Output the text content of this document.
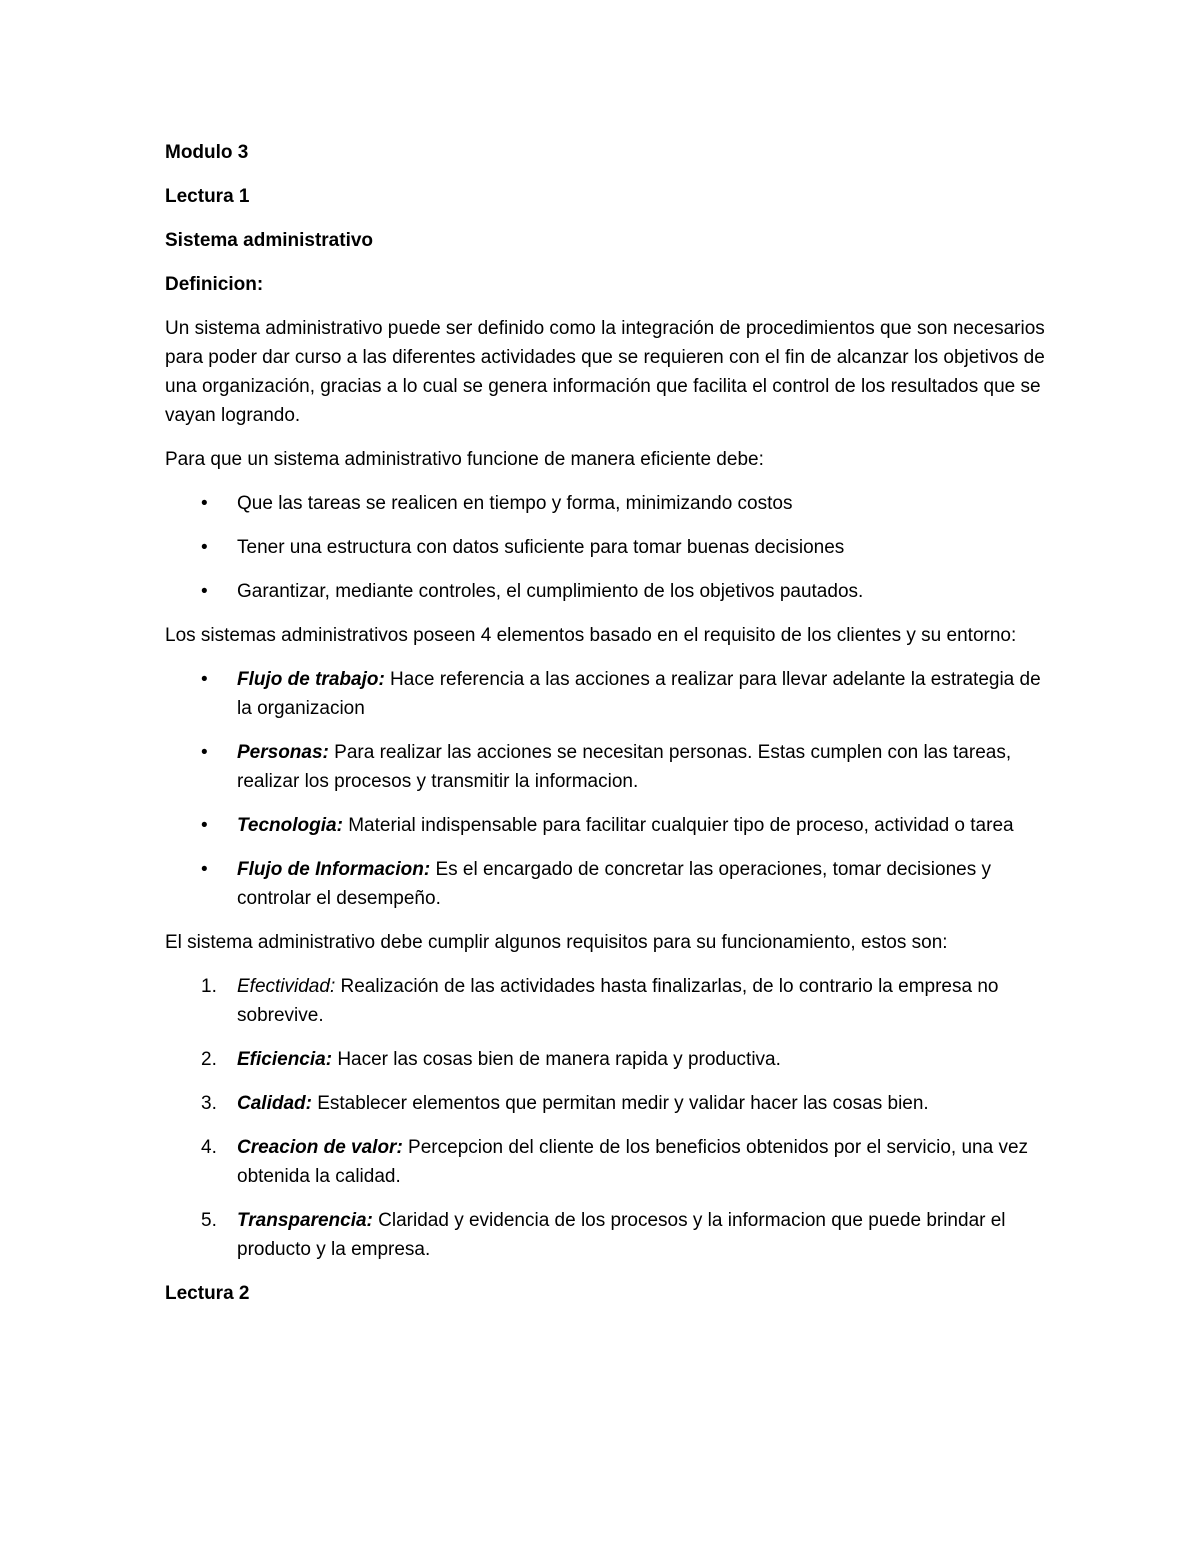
Modulo 3
Lectura 1
Sistema administrativo
Definicion:

Un sistema administrativo puede ser definido como la integración de procedimientos que son necesarios para poder dar curso a las diferentes actividades que se requieren con el fin de alcanzar los objetivos de una organización, gracias a lo cual se genera información que facilita el control de los resultados que se vayan logrando.

Para que un sistema administrativo funcione de manera eficiente debe:

•	Que las tareas se realicen en tiempo y forma, minimizando costos
•	Tener una estructura con datos suficiente para tomar buenas decisiones
•	Garantizar, mediante controles, el cumplimiento de los objetivos pautados.

Los sistemas administrativos poseen 4 elementos basado en el requisito de los clientes y su entorno:

•	Flujo de trabajo: Hace referencia a las acciones a realizar para llevar adelante la estrategia de la organizacion
•	Personas: Para realizar las acciones se necesitan personas. Estas cumplen con las tareas, realizar los procesos y transmitir la informacion.
•	Tecnologia: Material indispensable para facilitar cualquier tipo de proceso, actividad o tarea
•	Flujo de Informacion: Es el encargado de concretar las operaciones, tomar decisiones y controlar el desempeño.

El sistema administrativo debe cumplir algunos requisitos para su funcionamiento, estos son:

1.	Efectividad: Realización de las actividades hasta finalizarlas, de lo contrario la empresa no sobrevive.
2.	Eficiencia: Hacer las cosas bien de manera rapida y productiva.
3.	Calidad: Establecer elementos que permitan medir y validar hacer las cosas bien.
4.	Creacion de valor: Percepcion del cliente de los beneficios obtenidos por el servicio, una vez obtenida la calidad.
5.	Transparencia: Claridad y evidencia de los procesos y la informacion que puede brindar el producto y la empresa.
Lectura 2
